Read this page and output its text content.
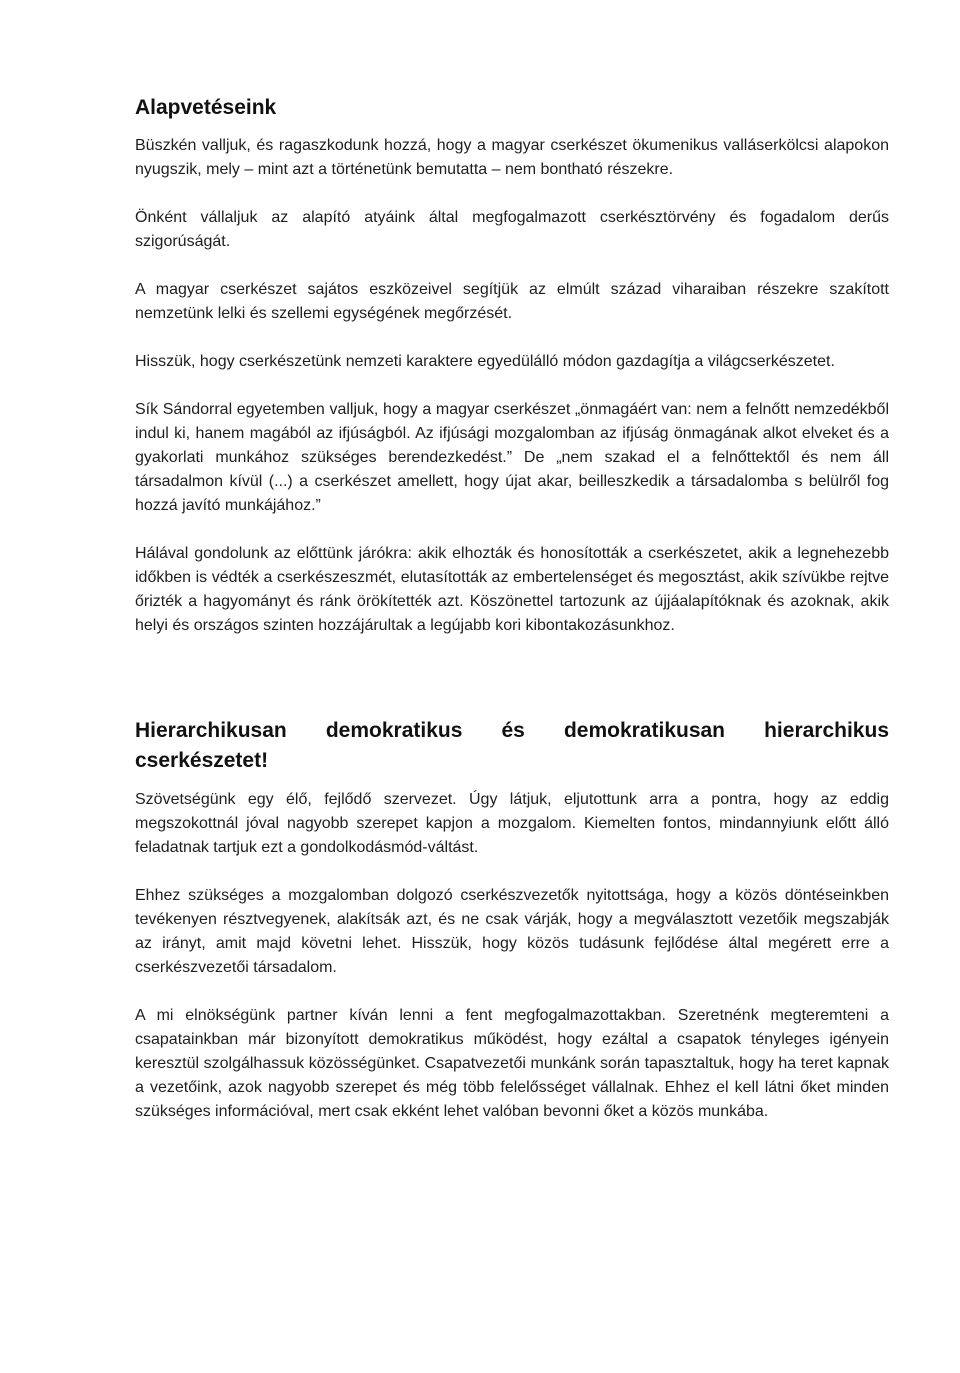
Alapvetéseink

Büszkén valljuk, és ragaszkodunk hozzá, hogy a magyar cserkészet ökumenikus valláserkölcsi alapokon nyugszik, mely – mint azt a történetünk bemutatta – nem bontható részekre.

Önként vállaljuk az alapító atyáink által megfogalmazott cserkésztörvény és fogadalom derűs szigorúságát.

A magyar cserkészet sajátos eszközeivel segítjük az elmúlt század viharaiban részekre szakított nemzetünk lelki és szellemi egységének megőrzését.

Hisszük, hogy cserkészetünk nemzeti karaktere egyedülálló módon gazdagítja a világcserkészetet.

Sík Sándorral egyetemben valljuk, hogy a magyar cserkészet „önmagáért van: nem a felnőtt nemzedékből indul ki, hanem magából az ifjúságból. Az ifjúsági mozgalomban az ifjúság önmagának alkot elveket és a gyakorlati munkához szükséges berendezkedést.” De „nem szakad el a felnőttektől és nem áll társadalmon kívül (...) a cserkészet amellett, hogy újat akar, beilleszkedik a társadalomba s belülről fog hozzá javító munkájához.”

Hálával gondolunk az előttünk járókra: akik elhozták és honosították a cserkészetet, akik a legnehezebb időkben is védték a cserkészeszmét, elutasították az embertelenséget és megosztást, akik szívükbe rejtve őrizték a hagyományt és ránk örökítették azt. Köszönettel tartozunk az újjáalapítóknak és azoknak, akik helyi és országos szinten hozzájárultak a legújabb kori kibontakozásunkhoz.

Hierarchikusan demokratikus és demokratikusan hierarchikus cserkészetet!

Szövetségünk egy élő, fejlődő szervezet. Úgy látjuk, eljutottunk arra a pontra, hogy az eddig megszokottnál jóval nagyobb szerepet kapjon a mozgalom. Kiemelten fontos, mindannyiunk előtt álló feladatnak tartjuk ezt a gondolkodásmód-váltást.

Ehhez szükséges a mozgalomban dolgozó cserkészvezetők nyitottsága, hogy a közös döntéseinkben tevékenyen résztvegyenek, alakítsák azt, és ne csak várják, hogy a megválasztott vezetőik megszabják az irányt, amit majd követni lehet. Hisszük, hogy közös tudásunk fejlődése által megérett erre a cserkészvezetői társadalom.

A mi elnökségünk partner kíván lenni a fent megfogalmazottakban. Szeretnénk megteremteni a csapatainkban már bizonyított demokratikus működést, hogy ezáltal a csapatok tényleges igényein keresztül szolgálhassuk közösségünket. Csapatvezetői munkánk során tapasztaltuk, hogy ha teret kapnak a vezetőink, azok nagyobb szerepet és még több felelősséget vállalnak. Ehhez el kell látni őket minden szükséges információval, mert csak ekként lehet valóban bevonni őket a közös munkába.
